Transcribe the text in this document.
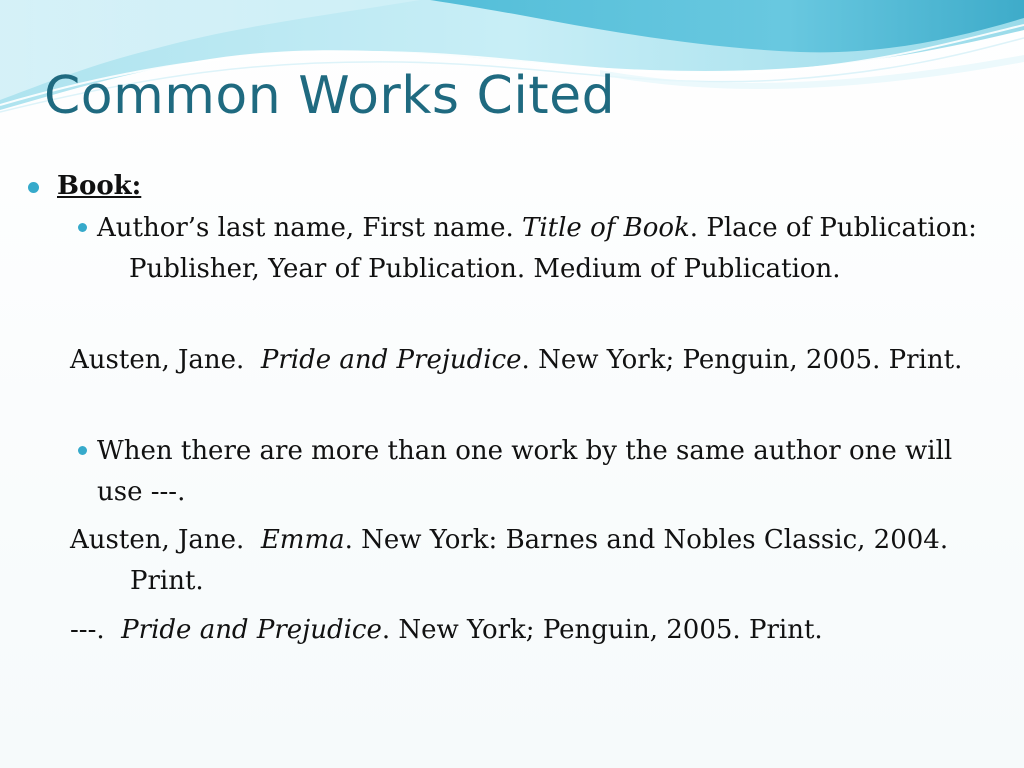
Common Works Cited

Book:

Author’s last name, First name. Title of Book. Place of Publication: Publisher, Year of Publication. Medium of Publication.

Austen, Jane.  Pride and Prejudice. New York; Penguin, 2005. Print.

When there are more than one work by the same author one will use ---.

Austen, Jane.  Emma. New York: Barnes and Nobles Classic, 2004. Print.

---.  Pride and Prejudice. New York; Penguin, 2005. Print.
